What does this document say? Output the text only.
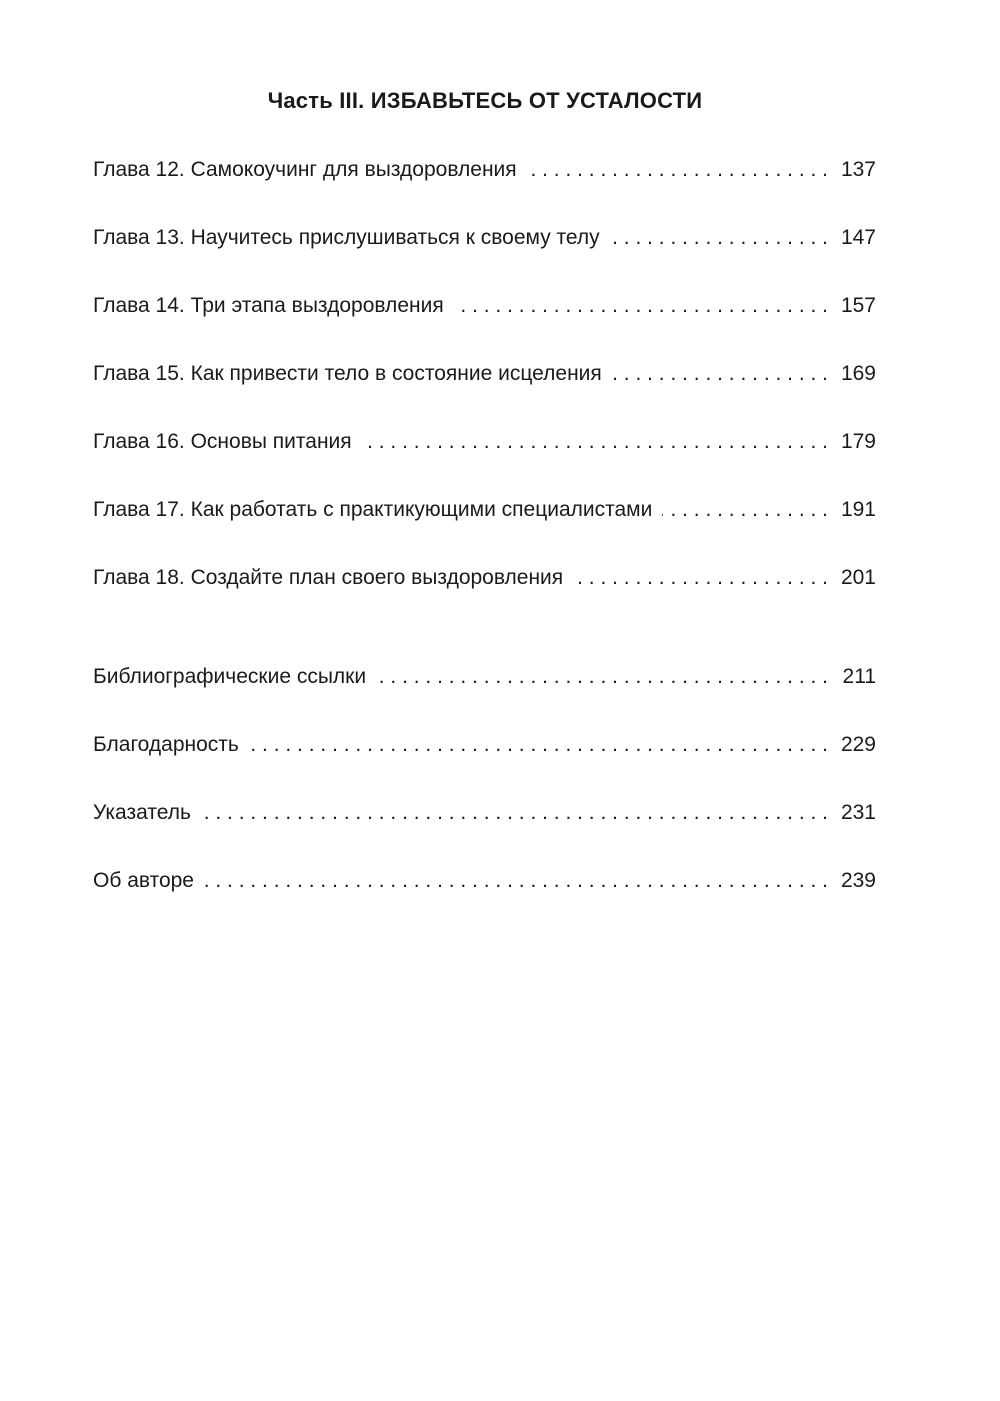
Часть III. ИЗБАВЬТЕСЬ ОТ УСТАЛОСТИ
Глава 12. Самокоучинг для выздоровления . . .	137
Глава 13. Научитесь прислушиваться к своему телу . . .	147
Глава 14. Три этапа выздоровления . . .	157
Глава 15. Как привести тело в состояние исцеления . . .	169
Глава 16. Основы питания . . .	179
Глава 17. Как работать с практикующими специалистами . . .	191
Глава 18. Создайте план своего выздоровления . . .	201
Библиографические ссылки . . .	211
Благодарность . . .	229
Указатель . . .	231
Об авторе . . .	239
